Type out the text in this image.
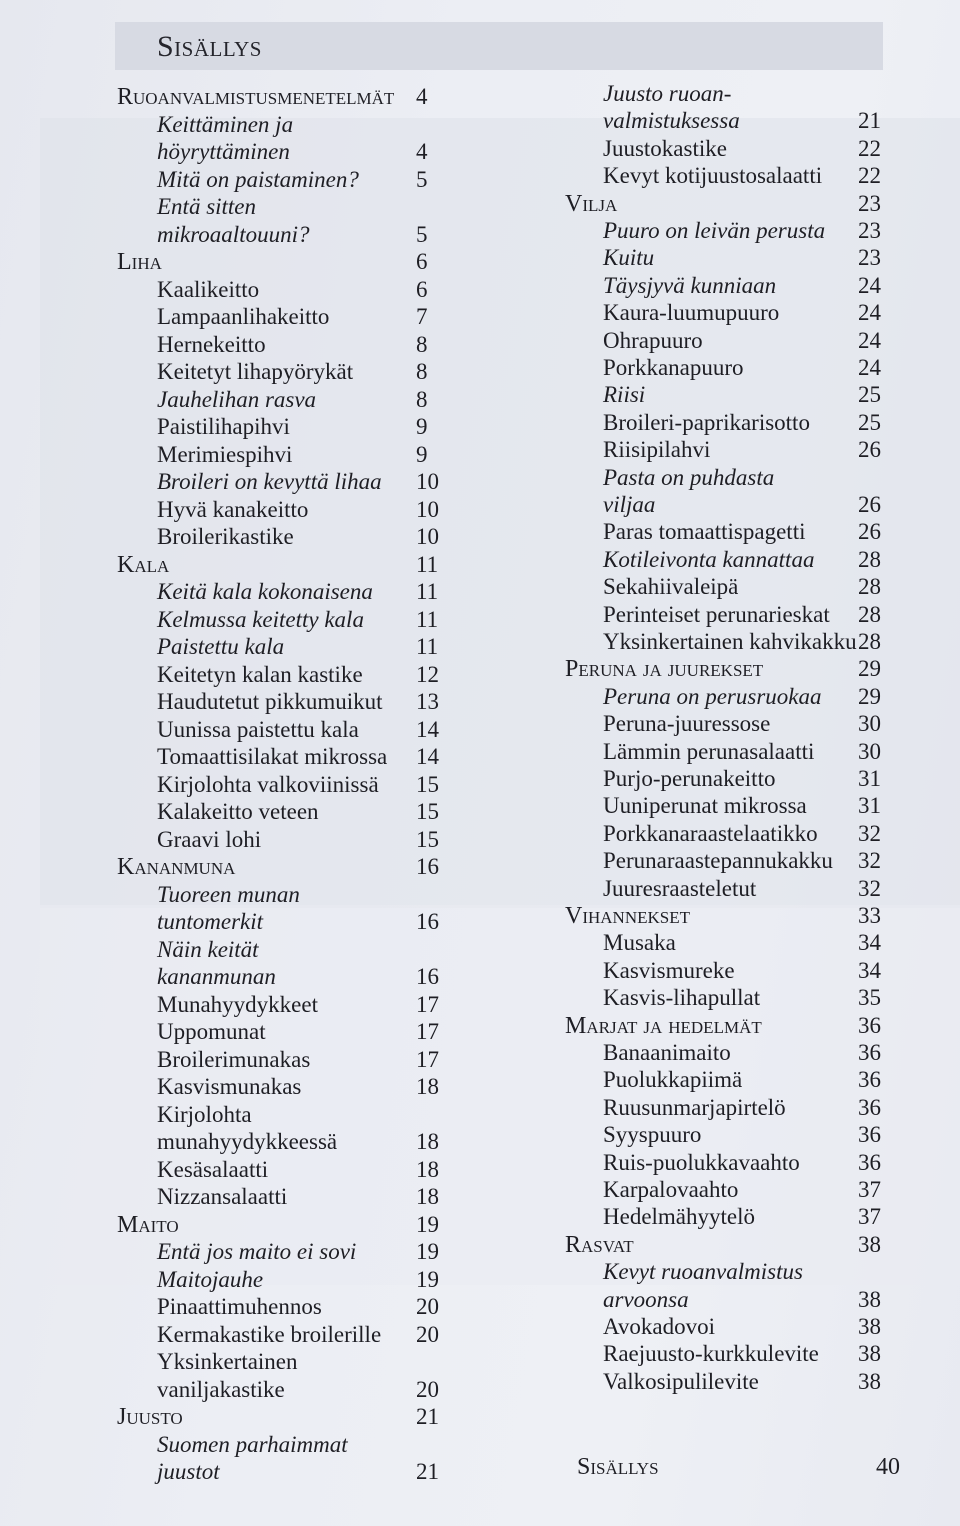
Sisällys
Ruoanvalmistusmenetelmät 4
Keittäminen ja
höyryttäminen	4
Mitä on paistaminen? 5
Entä sitten
mikroaaltouuni?	5
Liha	6
Kaalikeitto	6
Lampaanlihakeitto	7
Hernekeitto	8
Keitetyt lihapyörykät	8
Jauhelihan rasva	8
Paistilihapihvi	9
Merimiespihvi	9
Broileri on kevyttä lihaa 10
Hyvä kanakeitto	10
Broilerikastike	10
Kala	11
Keitä kala kokonaisena 11
Kelmussa keitetty kala 11
Paistettu kala	11
Keitetyn kalan kastike 12
Haudutetut pikkumuikut 13
Uunissa paistettu kala 14
Tomaattisilakat mikrossa 14
Kirjolohta valkoviinissä 15
Kalakeitto veteen	15
Graavi lohi	15
Kananmuna	16
Tuoreen munan
tuntomerkit	16
Näin keität
kananmunan	16
Munahyydykkeet	17
Uppomunat	17
Broilerimunakas	17
Kasvismunakas	18
Kirjolohta
munahyydykkeessä	18
Kesäsalaatti	18
Nizzansalaatti	18
Maito	19
Entä jos maito ei sovi	19
Maitojauhe	19
Pinaattimuhennos	20
Kermakastike broilerille 20
Yksinkertainen
vaniljakastike	20
Juusto	21
Suomen parhaimmat
juustot	21
Juusto ruoan-
valmistuksessa	21
Juustokastike	22
Kevyt kotijuustosalaatti 22
Vilja	23
Puuro on leivän perusta 23
Kuitu	23
Täysjyvä kunniaan	24
Kaura-luumupuuro	24
Ohrapuuro	24
Porkkanapuuro	24
Riisi	25
Broileri-paprikarisotto 25
Riisipilahvi	26
Pasta on puhdasta
viljaa	26
Paras tomaattispagetti 26
Kotileivonta kannattaa 28
Sekahiivaleipä	28
Perinteiset perunarieskat 28
Yksinkertainen kahvikakku 28
Peruna ja juurekset	29
Peruna on perusruokaa 29
Peruna-juuressose	30
Lämmin perunasalaatti 30
Purjo-perunakeitto	31
Uuniperunat mikrossa 31
Porkkanaraastelaatikko 32
Perunaraastepannukakku 32
Juuresraasteletut	32
Vihannekset	33
Musaka	34
Kasvismureke	34
Kasvis-lihapullat	35
Marjat ja hedelmät	36
Banaanimaito	36
Puolukkapiimä	36
Ruusunmarjapirtelö	36
Syyspuuro	36
Ruis-puolukkavaahto	36
Karpalovaahto	37
Hedelmähyytelö	37
Rasvat	38
Kevyt ruoanvalmistus
arvoonsa	38
Avokadovoi	38
Raejuusto-kurkkulevite 38
Valkosipulilevite	38
Sisällys	40
